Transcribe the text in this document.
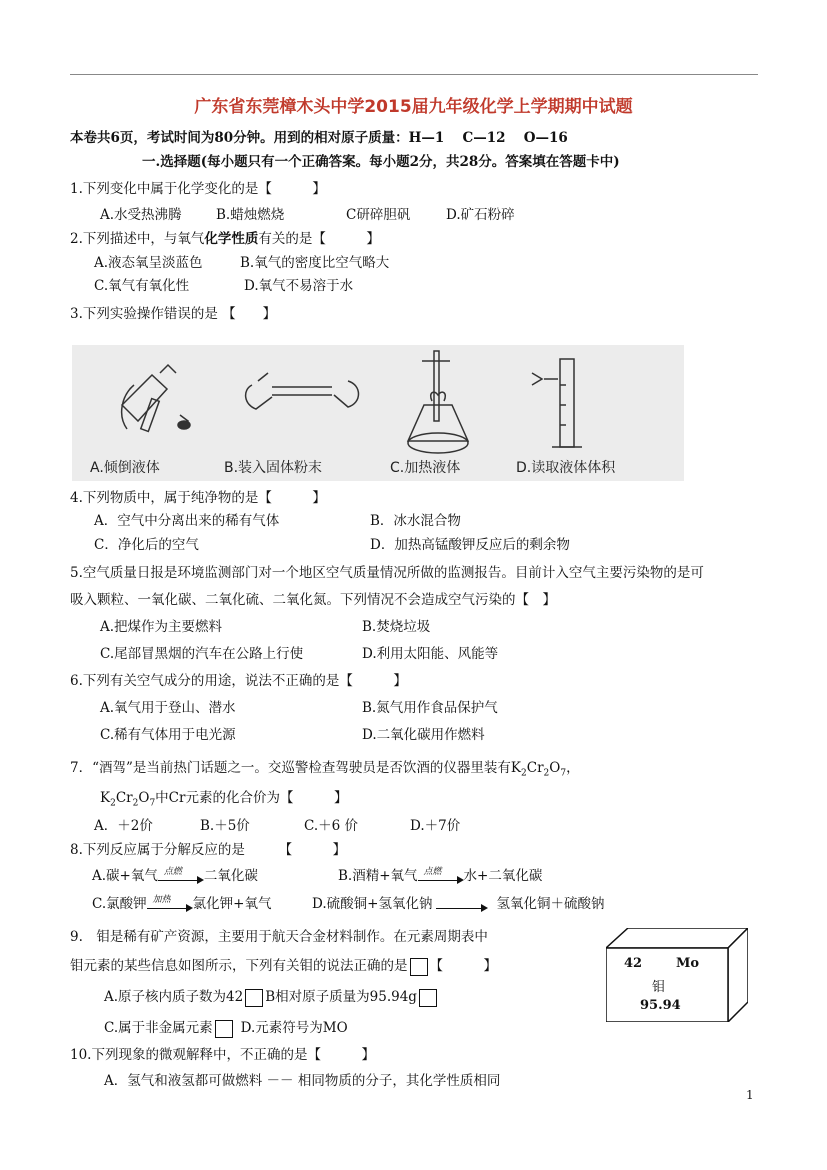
广东省东莞樟木头中学2015届九年级化学上学期期中试题
本卷共6页，考试时间为80分钟。用到的相对原子质量：H—1　 C—12 　O—16
一.选择题(每小题只有一个正确答案。每小题2分，共28分。答案填在答题卡中)
1.下列变化中属于化学变化的是【　　　】
A.水受热沸腾	B.蜡烛燃烧	C研碎胆矾	D.矿石粉碎
2.下列描述中，与氧气化学性质有关的是【　　　】
A.液态氧呈淡蓝色	B.氧气的密度比空气略大
C.氧气有氧化性	D.氧气不易溶于水
3.下列实验操作错误的是 【　　】
A.倾倒液体	B.装入固体粉末	C.加热液体	D.读取液体体积
4.下列物质中，属于纯净物的是【　　　】
A．空气中分离出来的稀有气体	B．冰水混合物
C．净化后的空气	D．加热高锰酸钾反应后的剩余物
5.空气质量日报是环境监测部门对一个地区空气质量情况所做的监测报告。目前计入空气主要污染物的是可
吸入颗粒、一氧化碳、二氧化硫、二氧化氮。下列情况不会造成空气污染的【　】
A.把煤作为主要燃料	B.焚烧垃圾
C.尾部冒黑烟的汽车在公路上行使	D.利用太阳能、风能等
6.下列有关空气成分的用途，说法不正确的是【　　　】
A.氧气用于登山、潜水	B.氮气用作食品保护气
C.稀有气体用于电光源	D.二氧化碳用作燃料
7．“酒驾”是当前热门话题之一。交巡警检查驾驶员是否饮酒的仪器里装有$K_2Cr_2O_7$，
$K_2Cr_2O_7$中Cr元素的化合价为【　　　】
A．＋2价	B.＋5价	C.＋6 价	D.＋7价
8.下列反应属于分解反应的是　　　【　　　】
A.碳+氧气 点燃 二氧化碳	B.酒精+氧气 点燃 水+二氧化碳
C.氯酸钾 加热 氯化钾+氧气	D.硫酸铜+氢氧化钠	氢氧化铜＋硫酸钠
9.　钼是稀有矿产资源，主要用于航天合金材料制作。在元素周期表中
钼元素的某些信息如图所示，下列有关钼的说法正确的是 【　　　】
A.原子核内质子数为42 B相对原子质量为95.94g
C.属于非金属元素 D.元素符号为MO
42	Mo
钼
95.94
10.下列现象的微观解释中，不正确的是【　　　】
A．氢气和液氢都可做燃料 －－ 相同物质的分子，其化学性质相同
1
